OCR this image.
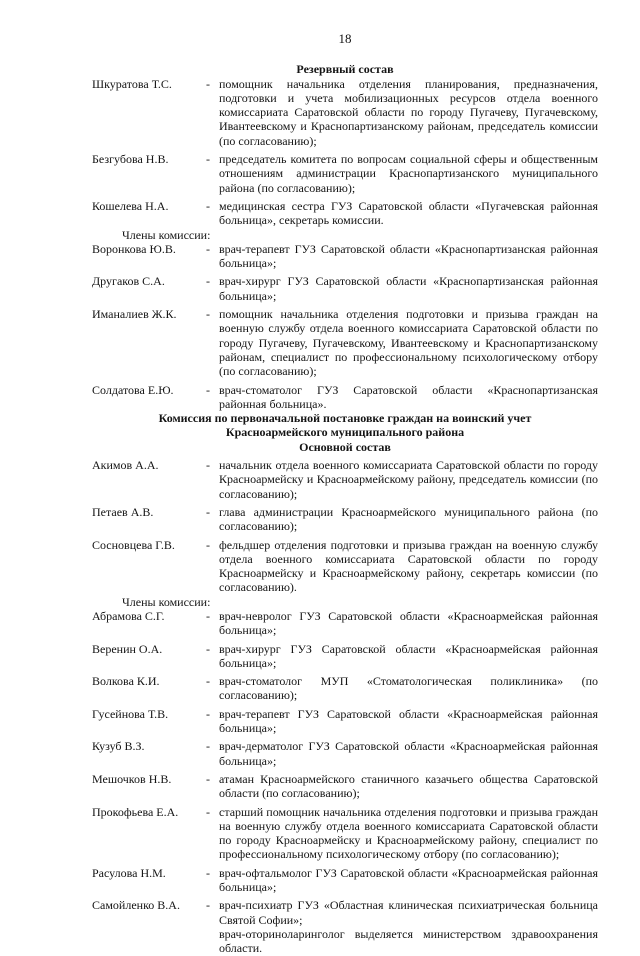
18
Резервный состав
Шкуратова Т.С.	- помощник начальника отделения планирования, предназначения, подготовки и учета мобилизационных ресурсов отдела военного комиссариата Саратовской области по городу Пугачеву, Пугачевскому, Ивантеевскому и Краснопартизанскому районам, председатель комиссии (по согласованию);
Безгубова Н.В.	- председатель комитета по вопросам социальной сферы и общественным отношениям администрации Краснопартизанского муниципального района (по согласованию);
Кошелева Н.А.	- медицинская сестра ГУЗ Саратовской области «Пугачевская районная больница», секретарь комиссии.
Члены комиссии:
Воронкова Ю.В.	- врач-терапевт ГУЗ Саратовской области «Краснопартизанская районная больница»;
Другаков С.А.	- врач-хирург ГУЗ Саратовской области «Краснопартизанская районная больница»;
Иманалиев Ж.К.	- помощник начальника отделения подготовки и призыва граждан на военную службу отдела военного комиссариата Саратовской области по городу Пугачеву, Пугачевскому, Ивантеевскому и Краснопартизанскому районам, специалист по профессиональному психологическому отбору (по согласованию);
Солдатова Е.Ю.	- врач-стоматолог ГУЗ Саратовской области «Краснопартизанская районная больница».
Комиссия по первоначальной постановке граждан на воинский учет
Красноармейского муниципального района
Основной состав
Акимов А.А.	- начальник отдела военного комиссариата Саратовской области по городу Красноармейску и Красноармейскому району, председатель комиссии (по согласованию);
Петаев А.В.	- глава администрации Красноармейского муниципального района (по согласованию);
Сосновцева Г.В.	- фельдшер отделения подготовки и призыва граждан на военную службу отдела военного комиссариата Саратовской области по городу Красноармейску и Красноармейскому району, секретарь комиссии (по согласованию).
Члены комиссии:
Абрамова С.Г.	- врач-невролог ГУЗ Саратовской области «Красноармейская районная больница»;
Веренин О.А.	- врач-хирург ГУЗ Саратовской области «Красноармейская районная больница»;
Волкова К.И.	- врач-стоматолог МУП «Стоматологическая поликлиника» (по согласованию);
Гусейнова Т.В.	- врач-терапевт ГУЗ Саратовской области «Красноармейская районная больница»;
Кузуб В.З.	- врач-дерматолог ГУЗ Саратовской области «Красноармейская районная больница»;
Мешочков Н.В.	- атаман Красноармейского станичного казачьего общества Саратовской области (по согласованию);
Прокофьева Е.А.	- старший помощник начальника отделения подготовки и призыва граждан на военную службу отдела военного комиссариата Саратовской области по городу Красноармейску и Красноармейскому району, специалист по профессиональному психологическому отбору (по согласованию);
Расулова Н.М.	- врач-офтальмолог ГУЗ Саратовской области «Красноармейская районная больница»;
Самойленко В.А.	- врач-психиатр ГУЗ «Областная клиническая психиатрическая больница Святой Софии»;
врач-оториноларинголог выделяется министерством здравоохранения области.
